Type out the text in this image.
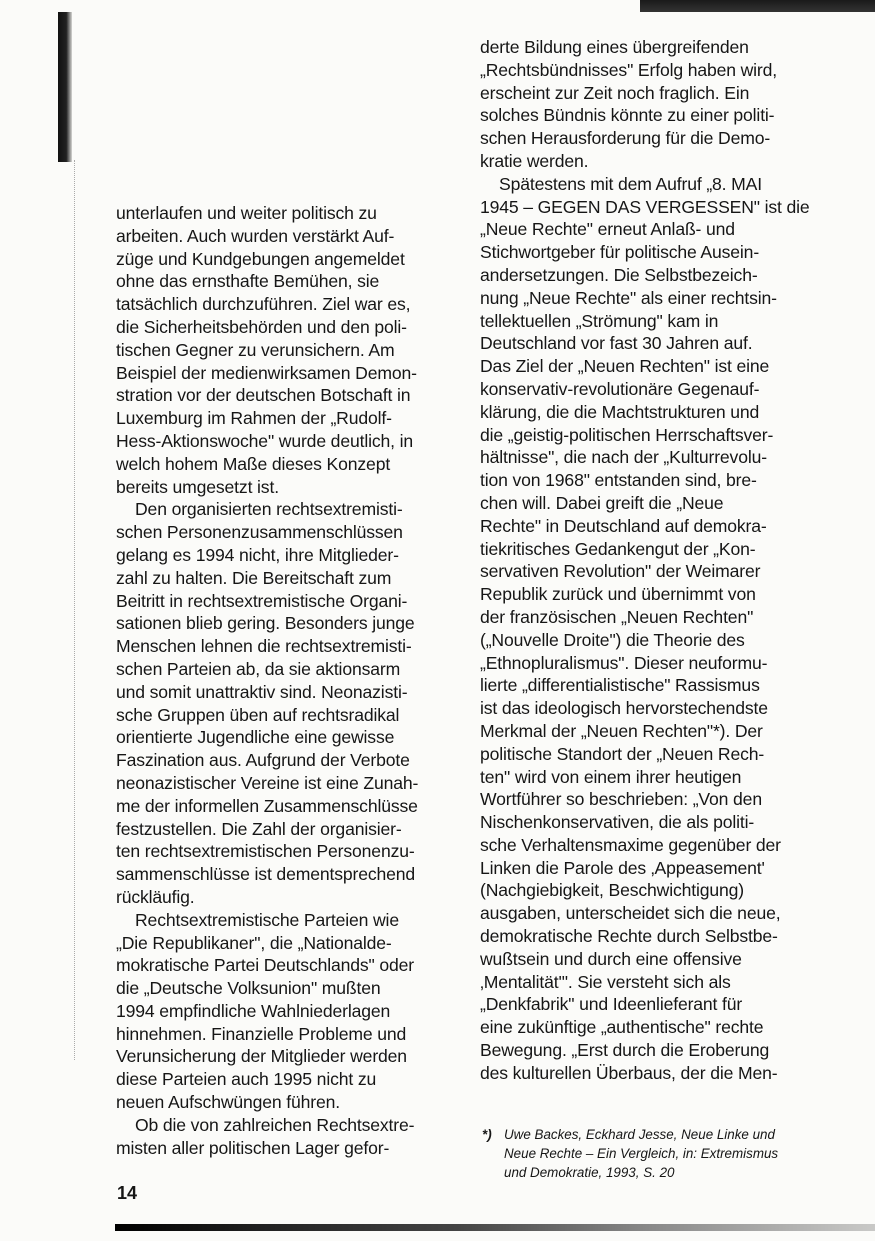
unterlaufen und weiter politisch zu
arbeiten. Auch wurden verstärkt Auf-
züge und Kundgebungen angemeldet
ohne das ernsthafte Bemühen, sie
tatsächlich durchzuführen. Ziel war es,
die Sicherheitsbehörden und den poli-
tischen Gegner zu verunsichern. Am
Beispiel der medienwirksamen Demon-
stration vor der deutschen Botschaft in
Luxemburg im Rahmen der „Rudolf-
Hess-Aktionswoche" wurde deutlich, in
welch hohem Maße dieses Konzept
bereits umgesetzt ist.

Den organisierten rechtsextremisti-
schen Personenzusammenschlüssen
gelang es 1994 nicht, ihre Mitglieder-
zahl zu halten. Die Bereitschaft zum
Beitritt in rechtsextremistische Organi-
sationen blieb gering. Besonders junge
Menschen lehnen die rechtsextremisti-
schen Parteien ab, da sie aktionsarm
und somit unattraktiv sind. Neonazisti-
sche Gruppen üben auf rechtsradikal
orientierte Jugendliche eine gewisse
Faszination aus. Aufgrund der Verbote
neonazistischer Vereine ist eine Zunah-
me der informellen Zusammenschlüsse
festzustellen. Die Zahl der organisier-
ten rechtsextremistischen Personenzu-
sammenschlüsse ist dementsprechend
rückläufig.

Rechtsextremistische Parteien wie
„Die Republikaner", die „Nationalde-
mokratische Partei Deutschlands" oder
die „Deutsche Volksunion" mußten
1994 empfindliche Wahlniederlagen
hinnehmen. Finanzielle Probleme und
Verunsicherung der Mitglieder werden
diese Parteien auch 1995 nicht zu
neuen Aufschwüngen führen.

Ob die von zahlreichen Rechtsextre-
misten aller politischen Lager gefor-

derte Bildung eines übergreifenden
„Rechtsbündnisses" Erfolg haben wird,
erscheint zur Zeit noch fraglich. Ein
solches Bündnis könnte zu einer politi-
schen Herausforderung für die Demo-
kratie werden.

Spätestens mit dem Aufruf „8. MAI
1945 – GEGEN DAS VERGESSEN" ist die
„Neue Rechte" erneut Anlaß- und
Stichwortgeber für politische Ausein-
andersetzungen. Die Selbstbezeich-
nung „Neue Rechte" als einer rechtsin-
tellektuellen „Strömung" kam in
Deutschland vor fast 30 Jahren auf.
Das Ziel der „Neuen Rechten" ist eine
konservativ-revolutionäre Gegenauf-
klärung, die die Machtstrukturen und
die „geistig-politischen Herrschaftsver-
hältnisse", die nach der „Kulturrevolu-
tion von 1968" entstanden sind, bre-
chen will. Dabei greift die „Neue
Rechte" in Deutschland auf demokra-
tiekritisches Gedankengut der „Kon-
servativen Revolution" der Weimarer
Republik zurück und übernimmt von
der französischen „Neuen Rechten"
(„Nouvelle Droite") die Theorie des
„Ethnopluralismus". Dieser neuformu-
lierte „differentialistische" Rassismus
ist das ideologisch hervorstechendste
Merkmal der „Neuen Rechten"*). Der
politische Standort der „Neuen Rech-
ten" wird von einem ihrer heutigen
Wortführer so beschrieben: „Von den
Nischenkonservativen, die als politi-
sche Verhaltensmaxime gegenüber der
Linken die Parole des ‚Appeasement'
(Nachgiebigkeit, Beschwichtigung)
ausgaben, unterscheidet sich die neue,
demokratische Rechte durch Selbstbe-
wußtsein und durch eine offensive
‚Mentalität'". Sie versteht sich als
„Denkfabrik" und Ideenlieferant für
eine zukünftige „authentische" rechte
Bewegung. „Erst durch die Eroberung
des kulturellen Überbaus, der die Men-

*) Uwe Backes, Eckhard Jesse, Neue Linke und
Neue Rechte – Ein Vergleich, in: Extremismus
und Demokratie, 1993, S. 20
14
